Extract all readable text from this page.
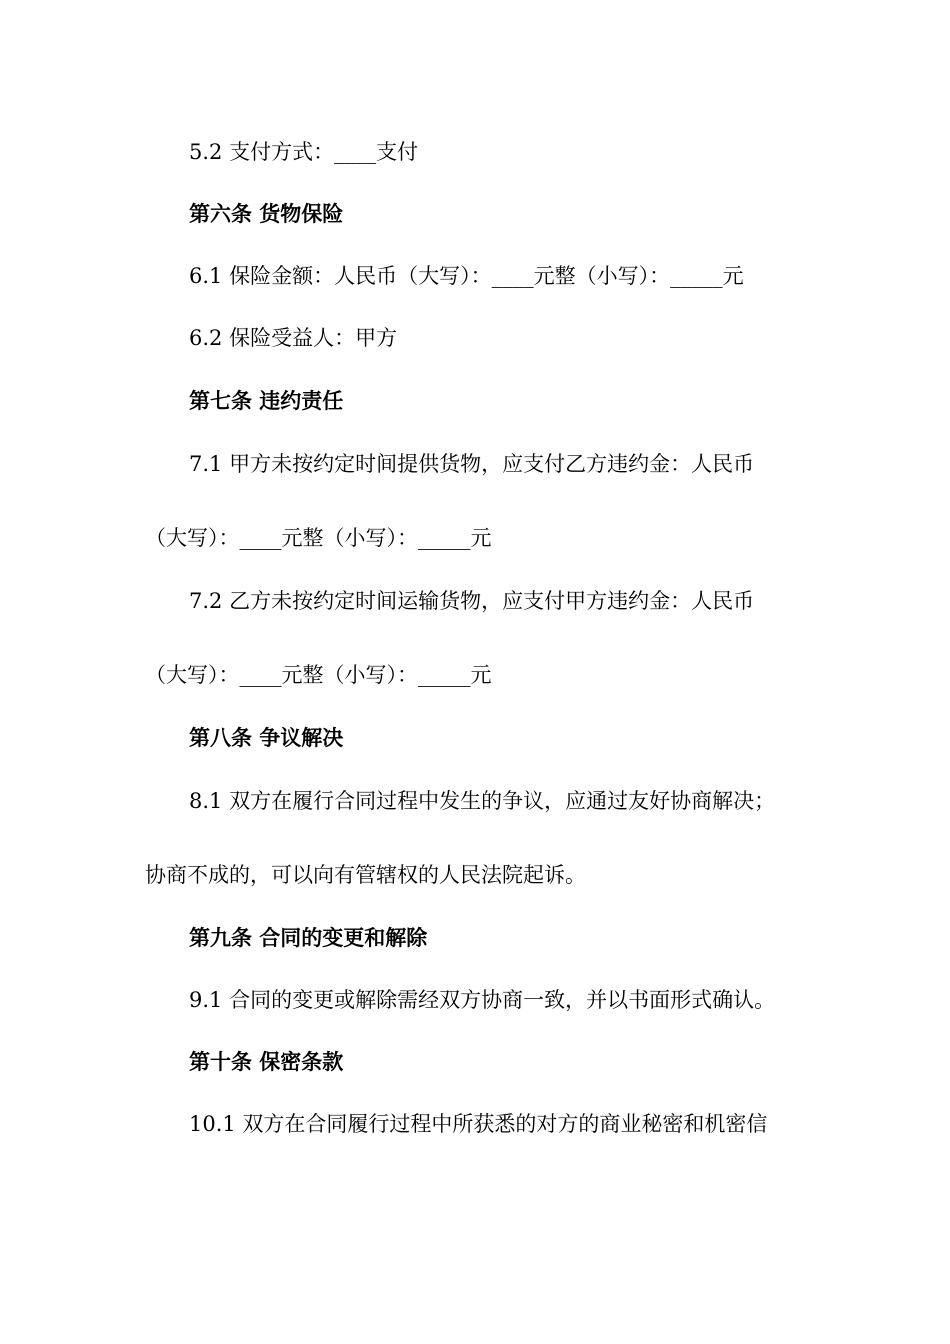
5.2 支付方式：____支付
第六条 货物保险
6.1 保险金额：人民币（大写）：____元整（小写）：_____元
6.2 保险受益人：甲方
第七条 违约责任
7.1 甲方未按约定时间提供货物，应支付乙方违约金：人民币
（大写）：____元整（小写）：_____元
7.2 乙方未按约定时间运输货物，应支付甲方违约金：人民币
（大写）：____元整（小写）：_____元
第八条 争议解决
8.1 双方在履行合同过程中发生的争议，应通过友好协商解决；
协商不成的，可以向有管辖权的人民法院起诉。
第九条 合同的变更和解除
9.1 合同的变更或解除需经双方协商一致，并以书面形式确认。
第十条 保密条款
10.1 双方在合同履行过程中所获悉的对方的商业秘密和机密信
